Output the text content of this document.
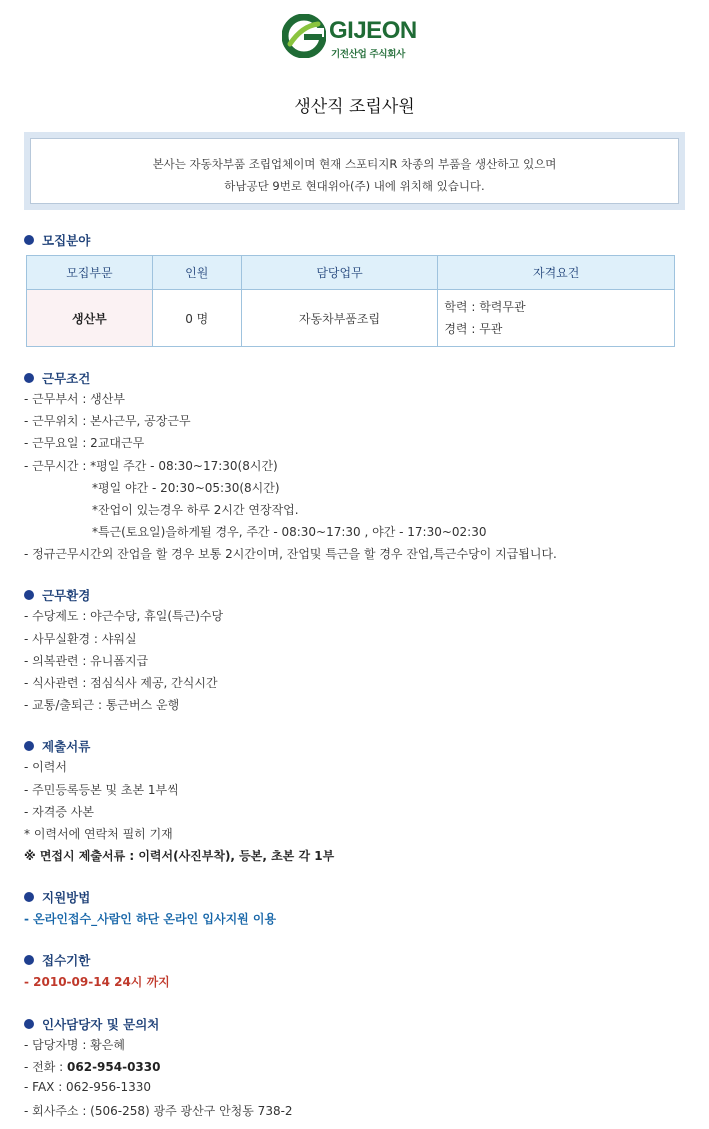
GIJEON
기전산업 주식회사
생산직 조립사원
본사는 자동차부품 조립업체이며 현재 스포티지R 차종의 부품을 생산하고 있으며
하남공단 9번로 현대위아(주) 내에 위치해 있습니다.
모집분야
모집부문	인원	담당업무	자격요건
생산부	0 명	자동차부품조립	학력 : 학력무관
경력 : 무관
근무조건
- 근무부서 : 생산부
- 근무위치 : 본사근무, 공장근무
- 근무요일 : 2교대근무
- 근무시간 : *평일 주간 - 08:30~17:30(8시간)
*평일 야간 - 20:30~05:30(8시간)
*잔업이 있는경우 하루 2시간 연장작업.
*특근(토요일)을하게될 경우, 주간 - 08:30~17:30 , 야간 - 17:30~02:30
- 정규근무시간외 잔업을 할 경우 보통 2시간이며, 잔업및 특근을 할 경우 잔업,특근수당이 지급됩니다.
근무환경
- 수당제도 : 야근수당, 휴일(특근)수당
- 사무실환경 : 샤워실
- 의복관련 : 유니폼지급
- 식사관련 : 점심식사 제공, 간식시간
- 교통/출퇴근 : 통근버스 운행
제출서류
- 이력서
- 주민등록등본 및 초본 1부씩
- 자격증 사본
* 이력서에 연락처 필히 기재
※ 면접시 제출서류 : 이력서(사진부착), 등본, 초본 각 1부
지원방법
- 온라인접수_사람인 하단 온라인 입사지원 이용
접수기한
- 2010-09-14 24시 까지
인사담당자 및 문의처
- 담당자명 : 황은혜
- 전화 : 062-954-0330
- FAX : 062-956-1330
- 회사주소 : (506-258) 광주 광산구 안청동 738-2
